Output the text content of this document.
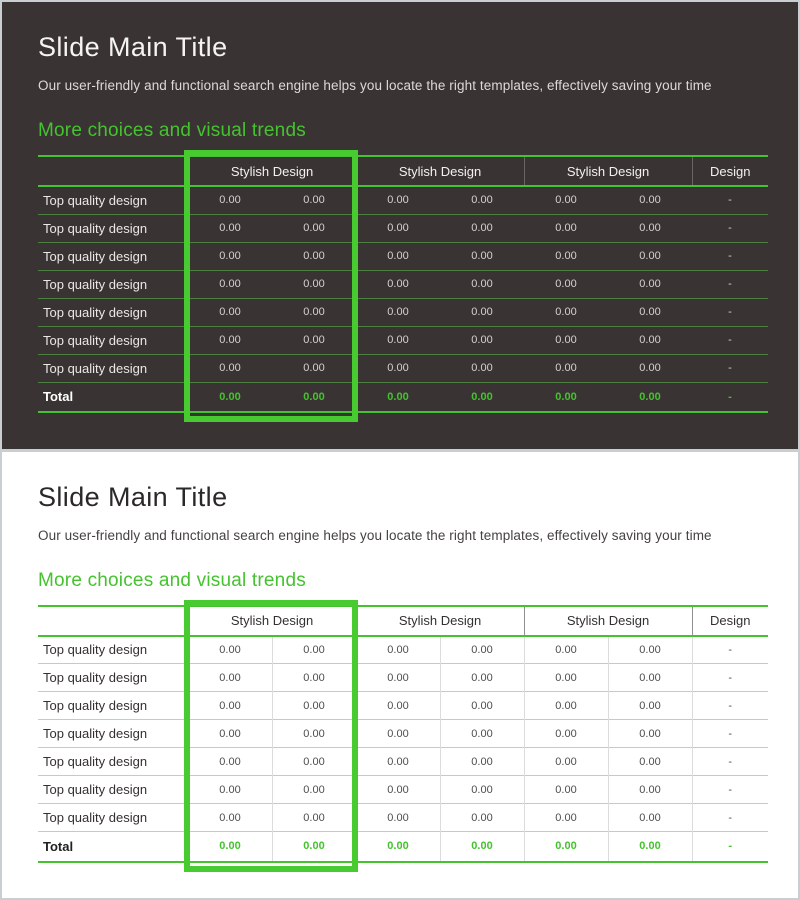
Slide Main Title

Our user-friendly and functional search engine helps you locate the right templates, effectively saving your time

More choices and visual trends
	Stylish Design		Stylish Design		Stylish Design		Design
Top quality design	0.00	0.00	0.00	0.00	0.00	0.00	-
Top quality design	0.00	0.00	0.00	0.00	0.00	0.00	-
Top quality design	0.00	0.00	0.00	0.00	0.00	0.00	-
Top quality design	0.00	0.00	0.00	0.00	0.00	0.00	-
Top quality design	0.00	0.00	0.00	0.00	0.00	0.00	-
Top quality design	0.00	0.00	0.00	0.00	0.00	0.00	-
Top quality design	0.00	0.00	0.00	0.00	0.00	0.00	-
Total	0.00	0.00	0.00	0.00	0.00	0.00	-
Slide Main Title

Our user-friendly and functional search engine helps you locate the right templates, effectively saving your time

More choices and visual trends
	Stylish Design		Stylish Design		Stylish Design		Design
Top quality design	0.00	0.00	0.00	0.00	0.00	0.00	-
Top quality design	0.00	0.00	0.00	0.00	0.00	0.00	-
Top quality design	0.00	0.00	0.00	0.00	0.00	0.00	-
Top quality design	0.00	0.00	0.00	0.00	0.00	0.00	-
Top quality design	0.00	0.00	0.00	0.00	0.00	0.00	-
Top quality design	0.00	0.00	0.00	0.00	0.00	0.00	-
Top quality design	0.00	0.00	0.00	0.00	0.00	0.00	-
Total	0.00	0.00	0.00	0.00	0.00	0.00	-
